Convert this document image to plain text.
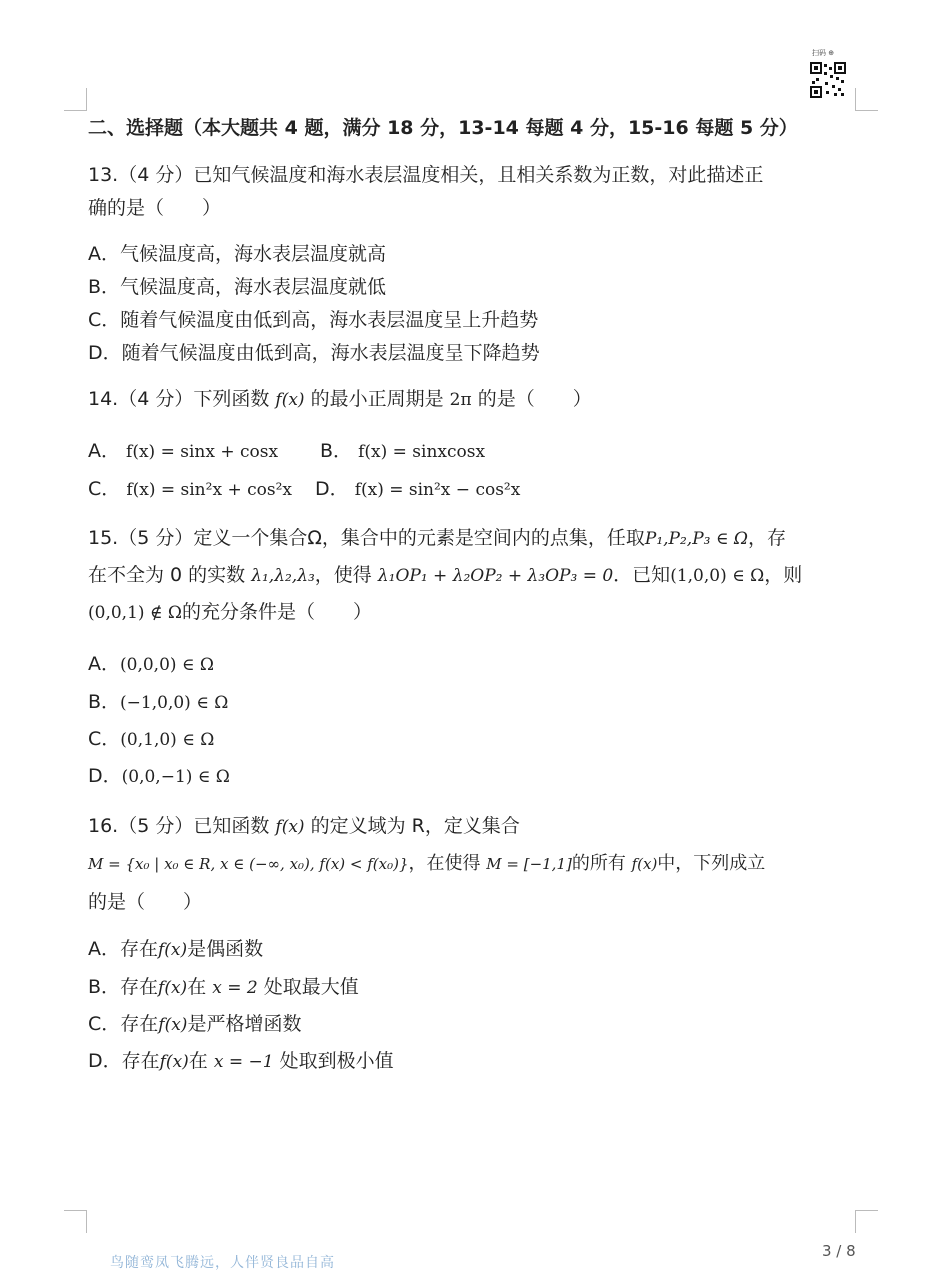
扫码 ⊕
二、选择题（本大题共 4 题，满分 18 分，13-14 每题 4 分，15-16 每题 5 分）
13.（4 分）已知气候温度和海水表层温度相关，且相关系数为正数，对此描述正
确的是（　　）
A．气候温度高，海水表层温度就高
B．气候温度高，海水表层温度就低
C．随着气候温度由低到高，海水表层温度呈上升趋势
D．随着气候温度由低到高，海水表层温度呈下降趋势
14.（4 分）下列函数 f(x) 的最小正周期是 2π 的是（　　）
A． f(x) = sinx + cosx B． f(x) = sinxcosx
C． f(x) = sin²x + cos²x D． f(x) = sin²x − cos²x
15.（5 分）定义一个集合Ω，集合中的元素是空间内的点集，任取P₁,P₂,P₃ ∈ Ω，存
在不全为 0 的实数 λ₁,λ₂,λ₃，使得 λ₁OP₁ + λ₂OP₂ + λ₃OP₃ = 0．已知(1,0,0) ∈ Ω，则
(0,0,1) ∉ Ω的充分条件是（　　）
A．(0,0,0) ∈ Ω
B．(−1,0,0) ∈ Ω
C．(0,1,0) ∈ Ω
D．(0,0,−1) ∈ Ω
16.（5 分）已知函数 f(x) 的定义域为 R，定义集合
M = {x₀ | x₀ ∈ R, x ∈ (−∞, x₀), f(x) < f(x₀)}，在使得 M = [−1,1]的所有 f(x)中，下列成立
的是（　　）
A．存在f(x)是偶函数
B．存在f(x)在 x = 2 处取最大值
C．存在f(x)是严格增函数
D．存在f(x)在 x = −1 处取到极小值
鸟随鸾凤飞腾远，人伴贤良品自高
3 / 8
